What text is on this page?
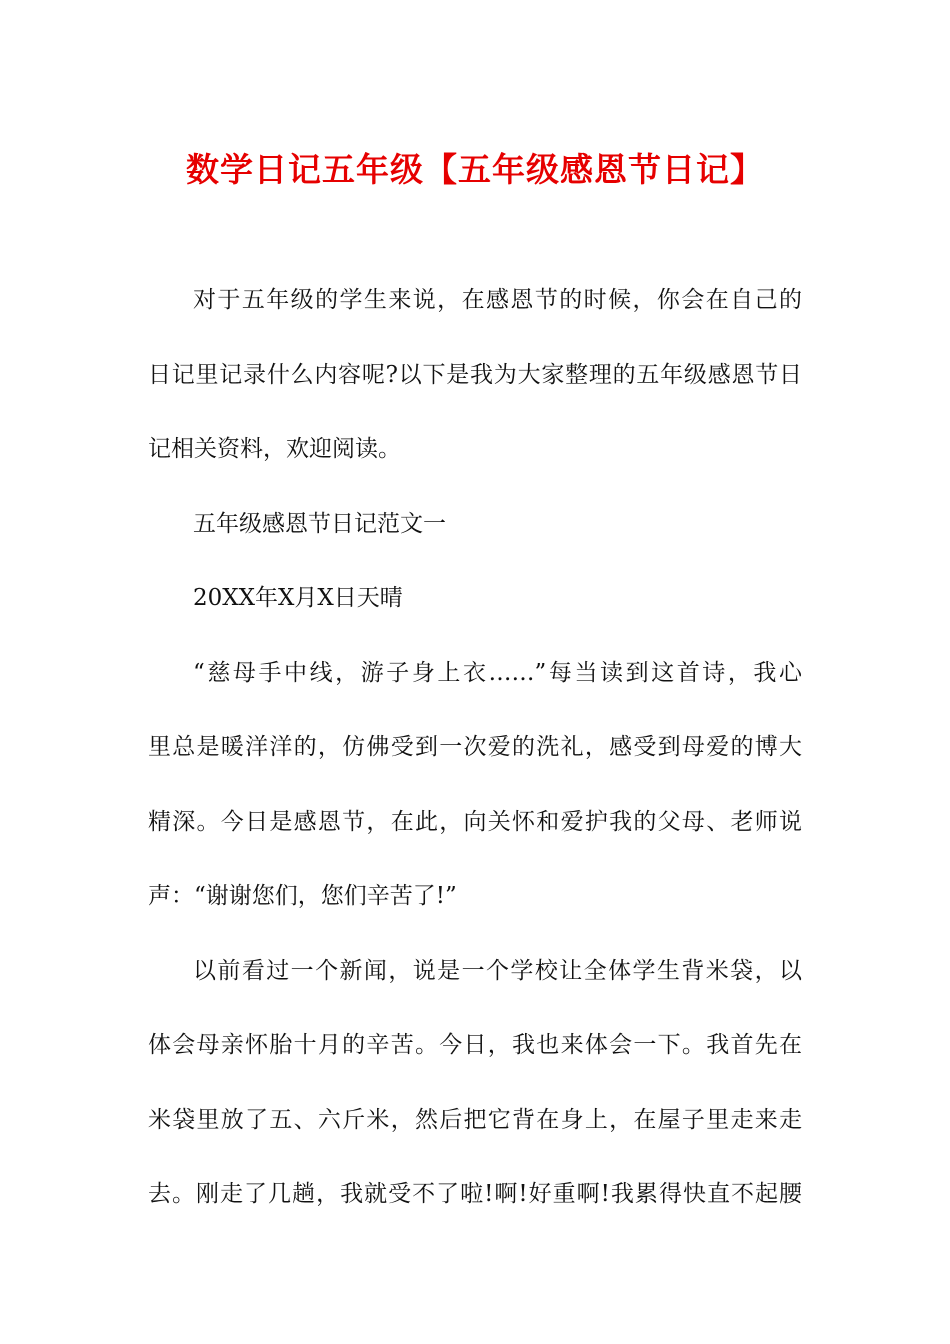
数学日记五年级【五年级感恩节日记】

对于五年级的学生来说，在感恩节的时候，你会在自己的

日记里记录什么内容呢?以下是我为大家整理的五年级感恩节日

记相关资料，欢迎阅读。

五年级感恩节日记范文一

20XX年X月X日天晴

“慈母手中线，游子身上衣……”每当读到这首诗，我心

里总是暖洋洋的，仿佛受到一次爱的洗礼，感受到母爱的博大

精深。今日是感恩节，在此，向关怀和爱护我的父母、老师说

声：“谢谢您们，您们辛苦了!”

以前看过一个新闻，说是一个学校让全体学生背米袋，以

体会母亲怀胎十月的辛苦。今日，我也来体会一下。我首先在

米袋里放了五、六斤米，然后把它背在身上，在屋子里走来走

去。刚走了几趟，我就受不了啦!啊!好重啊!我累得快直不起腰
